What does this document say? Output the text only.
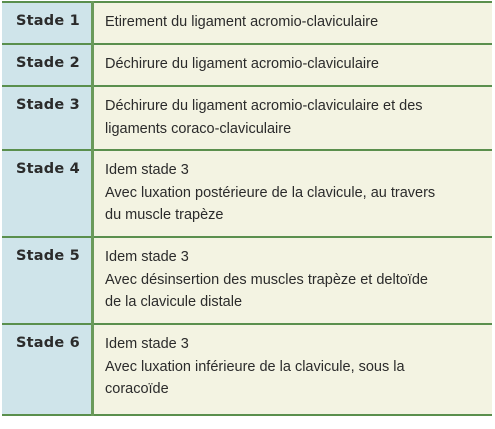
Stade 1	Etirement du ligament acromio-claviculaire

Stade 2	Déchirure du ligament acromio-claviculaire

Stade 3	Déchirure du ligament acromio-claviculaire et des
ligaments coraco-claviculaire

Stade 4	Idem stade 3
Avec luxation postérieure de la clavicule, au travers
du muscle trapèze

Stade 5	Idem stade 3
Avec désinsertion des muscles trapèze et deltoïde
de la clavicule distale

Stade 6	Idem stade 3
Avec luxation inférieure de la clavicule, sous la
coracoïde
